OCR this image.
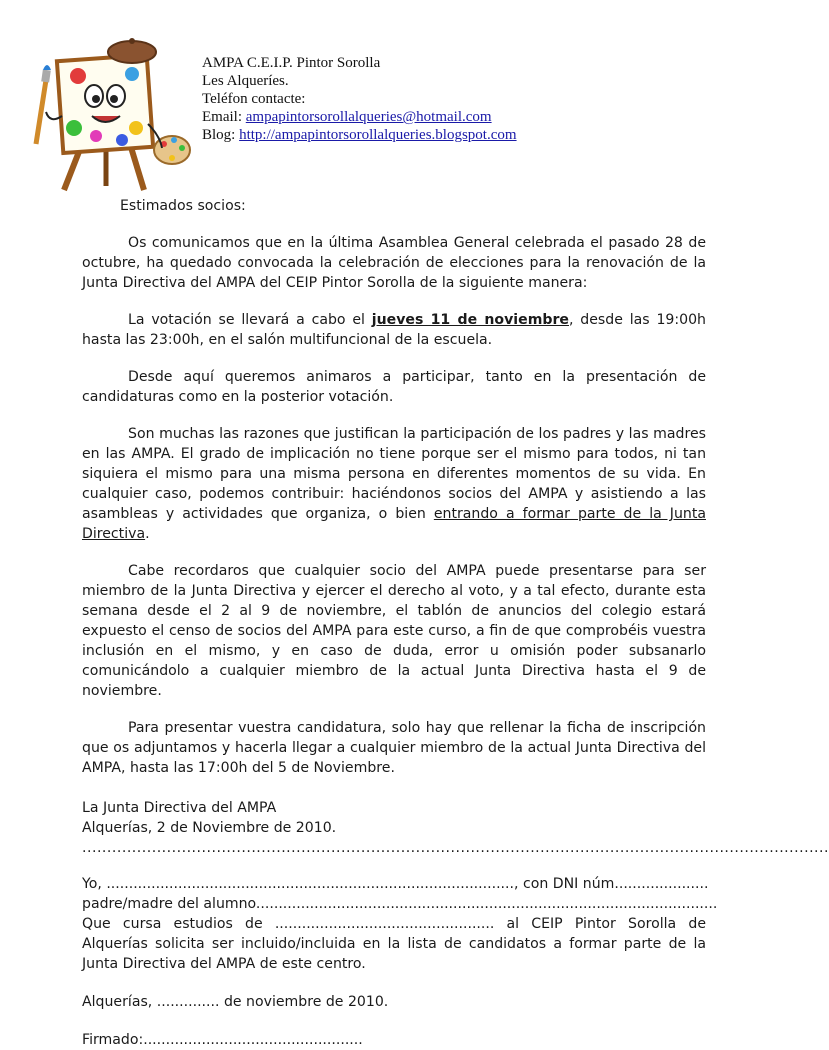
AMPA C.E.I.P. Pintor Sorolla
Les Alqueríes.
Teléfon contacte:
Email: ampapintorsorollalqueries@hotmail.com
Blog: http://ampapintorsorollalqueries.blogspot.com

Estimados socios:

Os comunicamos que en la última Asamblea General celebrada el pasado 28 de octubre, ha quedado convocada la celebración de elecciones para la renovación de la Junta Directiva del AMPA del CEIP Pintor Sorolla de la siguiente manera:

La votación se llevará a cabo el jueves 11 de noviembre, desde las 19:00h hasta las 23:00h, en el salón multifuncional de la escuela.

Desde aquí queremos animaros a participar, tanto en la presentación de candidaturas como en la posterior votación.

Son muchas las razones que justifican la participación de los padres y las madres en las AMPA. El grado de implicación no tiene porque ser el mismo para todos, ni tan siquiera el mismo para una misma persona en diferentes momentos de su vida. En cualquier caso, podemos contribuir: haciéndonos socios del AMPA y asistiendo a las asambleas y actividades que organiza, o bien entrando a formar parte de la Junta Directiva.

Cabe recordaros que cualquier socio del AMPA puede presentarse para ser miembro de la Junta Directiva y ejercer el derecho al voto, y a tal efecto, durante esta semana desde el 2 al 9 de noviembre, el tablón de anuncios del colegio estará expuesto el censo de socios del AMPA para este curso, a fin de que comprobéis vuestra inclusión en el mismo, y en caso de duda, error u omisión poder subsanarlo comunicándolo a cualquier miembro de la actual Junta Directiva hasta el 9 de noviembre.

Para presentar vuestra candidatura, solo hay que rellenar la ficha de inscripción que os adjuntamos y hacerla llegar a cualquier miembro de la actual Junta Directiva del AMPA, hasta las 17:00h del 5 de Noviembre.

La Junta Directiva del AMPA
Alquerías, 2 de Noviembre de 2010.
......................................................................................................................................................
Yo, ..........................................................................................., con DNI núm.....................
padre/madre del alumno.......................................................................................................

Que cursa estudios de ................................................. al CEIP Pintor Sorolla de Alquerías solicita ser incluido/incluida en la lista de candidatos a formar parte de la Junta Directiva del AMPA de este centro.

Alquerías, .............. de noviembre de 2010.
Firmado:.................................................
